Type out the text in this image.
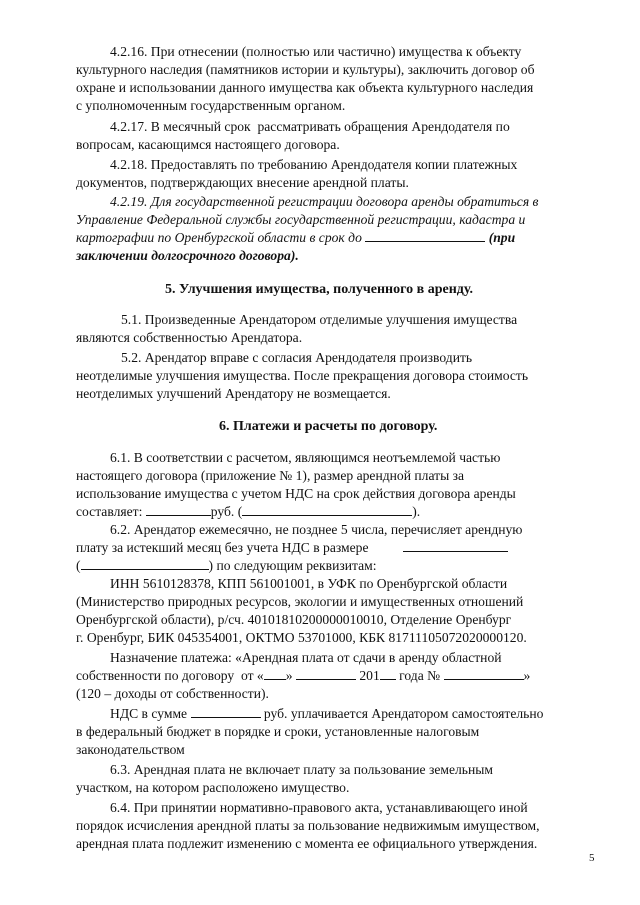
4.2.16. При отнесении (полностью или частично) имущества к объекту
культурного наследия (памятников истории и культуры), заключить договор об
охране и использовании данного имущества как объекта культурного наследия
с уполномоченным государственным органом.
4.2.17. В месячный срок  рассматривать обращения Арендодателя по
вопросам, касающимся настоящего договора.
4.2.18. Предоставлять по требованию Арендодателя копии платежных
документов, подтверждающих внесение арендной платы.
4.2.19. Для государственной регистрации договора аренды обратиться в
Управление Федеральной службы государственной регистрации, кадастра и
картографии по Оренбургской области в срок до	(при
заключении долгосрочного договора).
5. Улучшения имущества, полученного в аренду.
5.1. Произведенные Арендатором отделимые улучшения имущества
являются собственностью Арендатора.
5.2. Арендатор вправе с согласия Арендодателя производить
неотделимые улучшения имущества. После прекращения договора стоимость
неотделимых улучшений Арендатору не возмещается.
6. Платежи и расчеты по договору.
6.1. В соответствии с расчетом, являющимся неотъемлемой частью
настоящего договора (приложение № 1), размер арендной платы за
использование имущества с учетом НДС на срок действия договора аренды
составляет:	руб. (	).
6.2. Арендатор ежемесячно, не позднее 5 числа, перечисляет арендную
плату за истекший месяц без учета НДС в размере
(	) по следующим реквизитам:
ИНН 5610128378, КПП 561001001, в УФК по Оренбургской области
(Министерство природных ресурсов, экологии и имущественных отношений
Оренбургской области), р/сч. 40101810200000010010, Отделение Оренбург
г. Оренбург, БИК 045354001, ОКТМО 53701000, КБК 81711105072020000120.
Назначение платежа: «Арендная плата от сдачи в аренду областной
собственности по договору  от « »	201 года №	»
(120 – доходы от собственности).
НДС в сумме	руб. уплачивается Арендатором самостоятельно
в федеральный бюджет в порядке и сроки, установленные налоговым
законодательством
6.3. Арендная плата не включает плату за пользование земельным
участком, на котором расположено имущество.
6.4. При принятии нормативно-правового акта, устанавливающего иной
порядок исчисления арендной платы за пользование недвижимым имуществом,
арендная плата подлежит изменению с момента ее официального утверждения.
5
